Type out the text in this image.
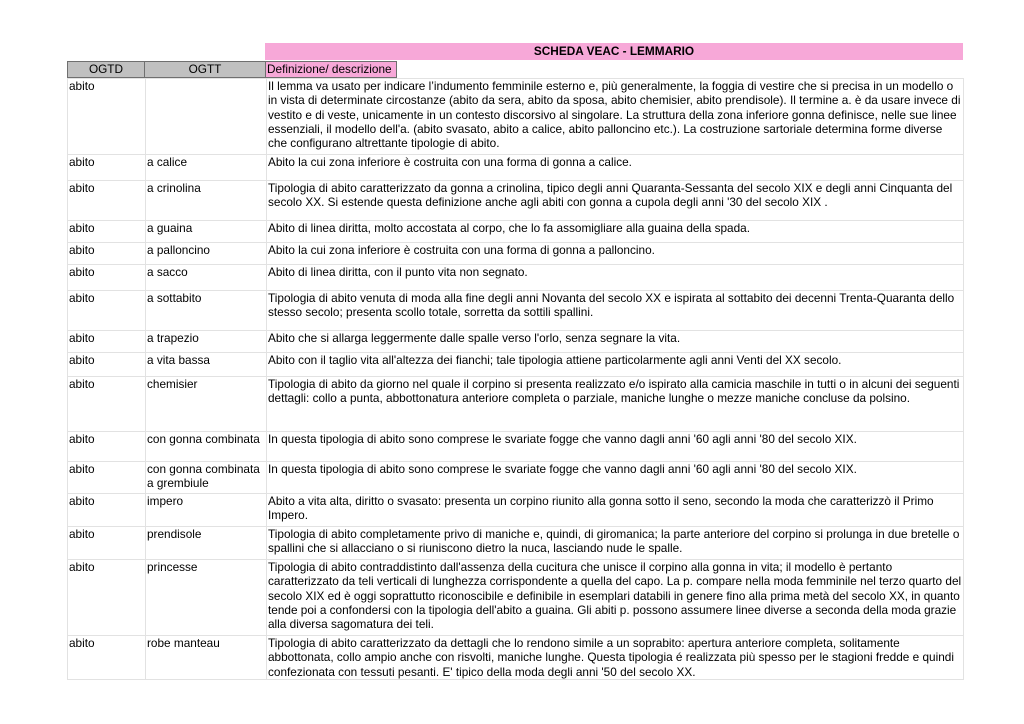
SCHEDA VEAC - LEMMARIO
OGTD	OGTT	Definizione/ descrizione
abito		Il lemma va usato per indicare l’indumento femminile esterno e, più generalmente, la foggia di vestire che si precisa in un modello o in vista di determinate circostanze (abito da sera, abito da sposa, abito chemisier, abito prendisole). Il termine a. è da usare invece di vestito e di veste, unicamente in un contesto discorsivo al singolare. La struttura della zona inferiore gonna definisce, nelle sue linee essenziali, il modello dell'a. (abito svasato, abito a calice, abito palloncino etc.). La costruzione sartoriale determina forme diverse che configurano altrettante tipologie di abito.
abito	a calice	Abito la cui zona inferiore è costruita con una forma di gonna a calice.
abito	a crinolina	Tipologia di abito caratterizzato da gonna a crinolina, tipico degli anni Quaranta-Sessanta del secolo XIX e degli anni Cinquanta del secolo XX. Si estende questa definizione anche agli abiti con gonna a cupola degli anni '30 del secolo XIX .
abito	a guaina	Abito di linea diritta, molto accostata al corpo, che lo fa assomigliare alla guaina della spada.
abito	a palloncino	Abito la cui zona inferiore è costruita con una forma di gonna a palloncino.
abito	a sacco	Abito di linea diritta, con il punto vita non segnato.
abito	a sottabito	Tipologia di abito venuta di moda alla fine degli anni Novanta del secolo XX e ispirata al sottabito dei decenni Trenta-Quaranta dello stesso secolo; presenta scollo totale, sorretta da sottili spallini.
abito	a trapezio	Abito che si allarga leggermente dalle spalle verso l'orlo, senza segnare la vita.
abito	a vita bassa	Abito con il taglio vita all'altezza dei fianchi; tale tipologia attiene particolarmente agli anni Venti del XX secolo.
abito	chemisier	Tipologia di abito da giorno nel quale il corpino si presenta realizzato e/o ispirato alla camicia maschile in tutti o in alcuni dei seguenti dettagli: collo a punta, abbottonatura anteriore completa o parziale, maniche lunghe o mezze maniche concluse da polsino.
abito	con gonna combinata	In questa tipologia di abito sono comprese le svariate fogge che vanno dagli anni '60 agli anni '80 del secolo XIX.
abito	con gonna combinata a grembiule	In questa tipologia di abito sono comprese le svariate fogge che vanno dagli anni '60 agli anni '80 del secolo XIX.
abito	impero	Abito a vita alta, diritto o svasato: presenta un corpino riunito alla gonna sotto il seno, secondo la moda che caratterizzò il Primo Impero.
abito	prendisole	Tipologia di abito completamente privo di maniche e, quindi, di giromanica; la parte anteriore del corpino si prolunga in due bretelle o spallini che si allacciano o si riuniscono dietro la nuca, lasciando nude le spalle.
abito	princesse	Tipologia di abito contraddistinto dall'assenza della cucitura che unisce il corpino alla gonna in vita; il modello è pertanto caratterizzato da teli verticali di lunghezza corrispondente a quella del capo. La p. compare nella moda femminile nel terzo quarto del secolo XIX ed è oggi soprattutto riconoscibile e definibile in esemplari databili in genere fino alla prima metà del secolo XX, in quanto tende poi a confondersi con la tipologia dell'abito a guaina. Gli abiti p. possono assumere linee diverse a seconda della moda grazie alla diversa sagomatura dei teli.
abito	robe manteau	Tipologia di abito caratterizzato da dettagli che lo rendono simile a un soprabito: apertura anteriore completa, solitamente abbottonata, collo ampio anche con risvolti, maniche lunghe. Questa tipologia é realizzata più spesso per le stagioni fredde e quindi confezionata con tessuti pesanti. E' tipico della moda degli anni '50 del secolo XX.
